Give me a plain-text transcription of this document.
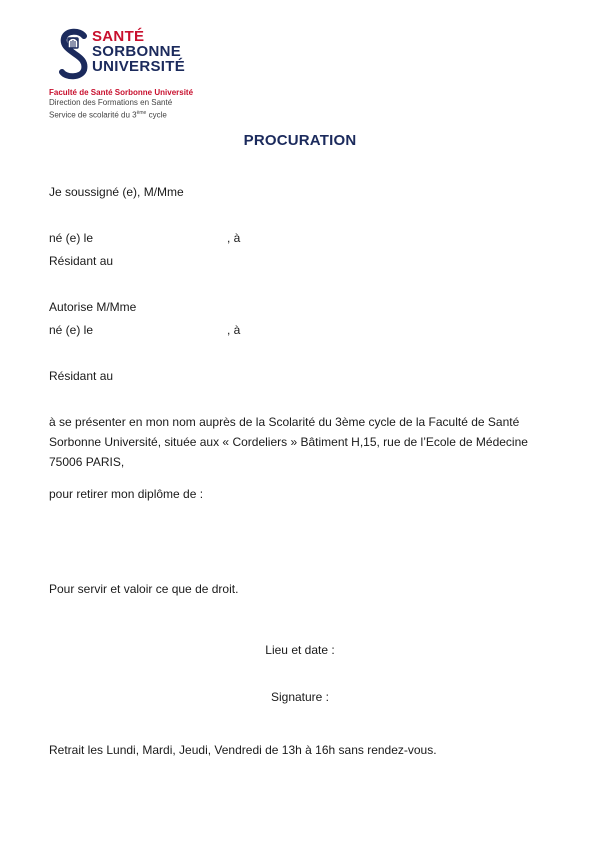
SANTÉ
SORBONNE
UNIVERSITÉ
Faculté de Santé Sorbonne Université
Direction des Formations en Santé
Service de scolarité du 3ème cycle
PROCURATION
Je soussigné (e), M/Mme
né (e) le	, à
Résidant au
Autorise M/Mme
né (e) le	, à
Résidant au
à se présenter en mon nom auprès de la Scolarité du 3ème cycle de la Faculté de Santé Sorbonne Université, située aux « Cordeliers » Bâtiment H,15, rue de l’Ecole de Médecine 75006 PARIS,
pour retirer mon diplôme de :
Pour servir et valoir ce que de droit.
Lieu et date :
Signature :
Retrait les Lundi, Mardi, Jeudi, Vendredi de 13h à 16h sans rendez-vous.
